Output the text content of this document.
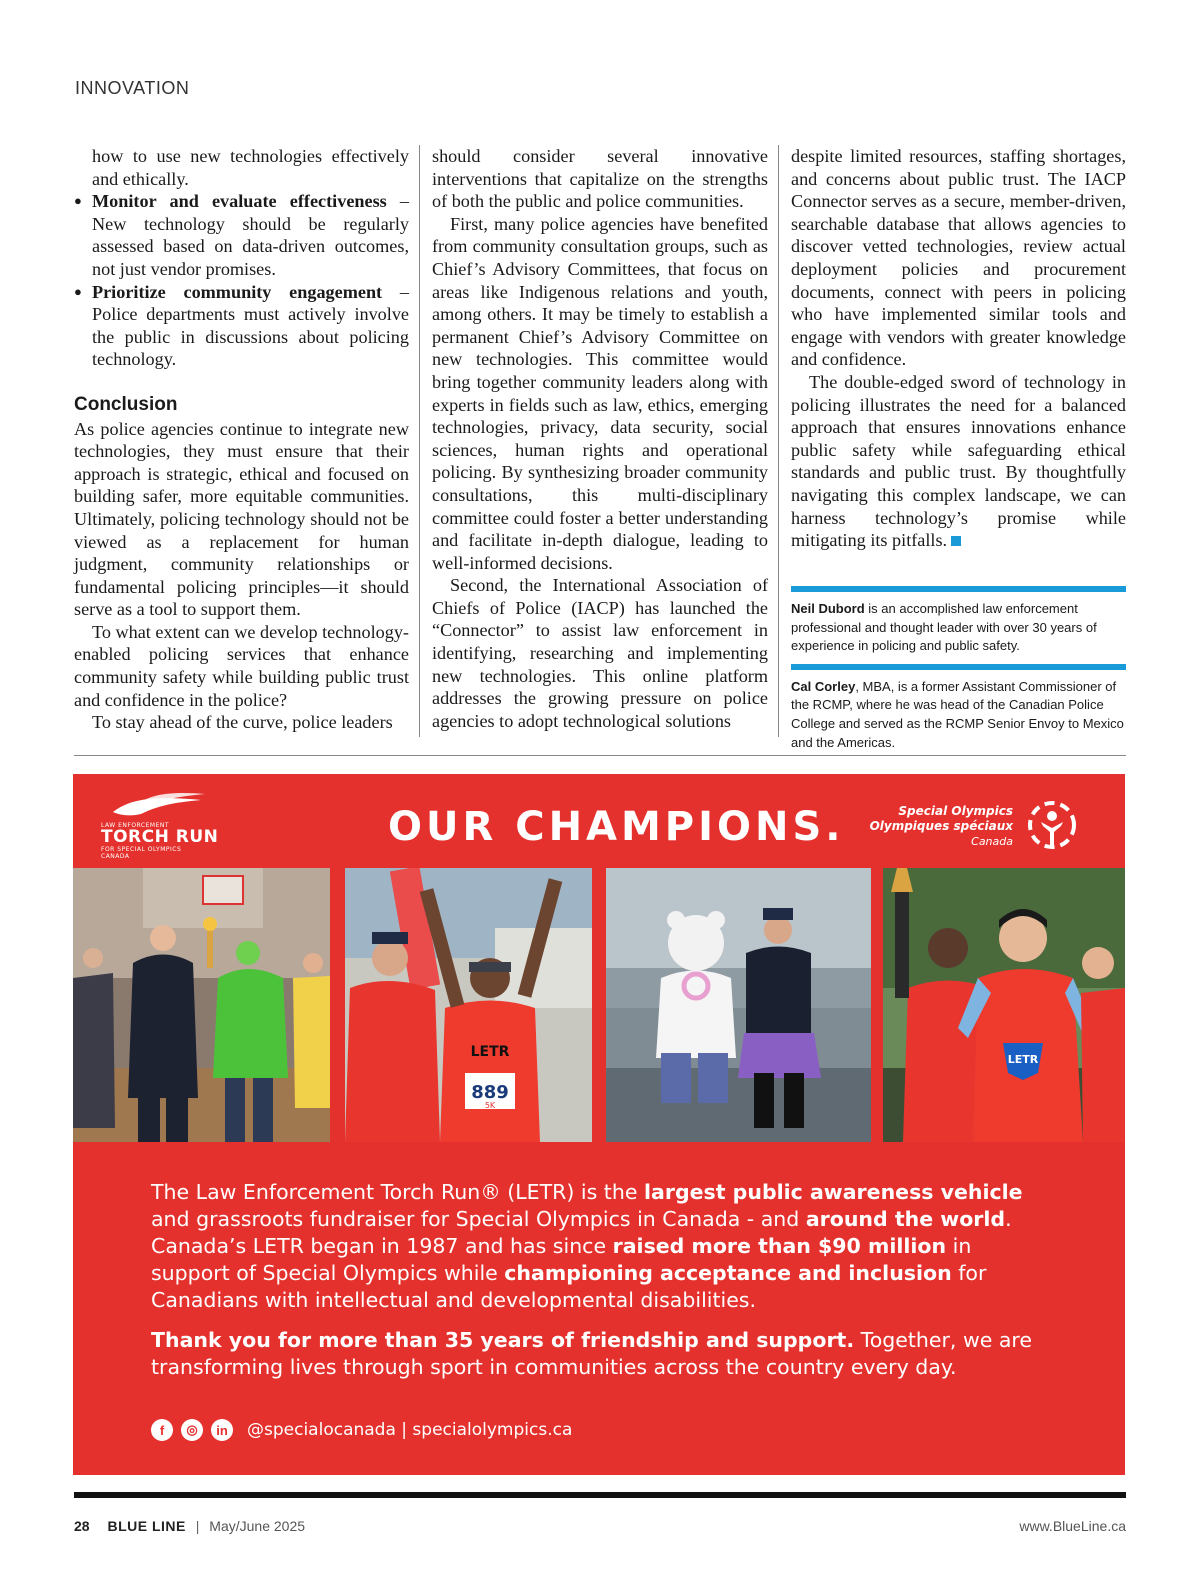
INNOVATION

how to use new technologies effectively and ethically.

● Monitor and evaluate effectiveness – New technology should be regularly assessed based on data-driven outcomes, not just vendor promises.
● Prioritize community engagement – Police departments must actively involve the public in discussions about policing technology.
Conclusion

As police agencies continue to integrate new technologies, they must ensure that their approach is strategic, ethical and focused on building safer, more equitable communities. Ultimately, policing technology should not be viewed as a replacement for human judgment, community relationships or fundamental policing principles—it should serve as a tool to support them.

To what extent can we develop technology-enabled policing services that enhance community safety while building public trust and confidence in the police?

To stay ahead of the curve, police leaders

should consider several innovative interventions that capitalize on the strengths of both the public and police communities.

First, many police agencies have benefited from community consultation groups, such as Chief’s Advisory Committees, that focus on areas like Indigenous relations and youth, among others. It may be timely to establish a permanent Chief’s Advisory Committee on new technologies. This committee would bring together community leaders along with experts in fields such as law, ethics, emerging technologies, privacy, data security, social sciences, human rights and operational policing. By synthesizing broader community consultations, this multi-disciplinary committee could foster a better understanding and facilitate in-depth dialogue, leading to well-informed decisions.

Second, the International Association of Chiefs of Police (IACP) has launched the “Connector” to assist law enforcement in identifying, researching and implementing new technologies. This online platform addresses the growing pressure on police agencies to adopt technological solutions

despite limited resources, staffing shortages, and concerns about public trust. The IACP Connector serves as a secure, member-driven, searchable database that allows agencies to discover vetted technologies, review actual deployment policies and procurement documents, connect with peers in policing who have implemented similar tools and engage with vendors with greater knowledge and confidence.

The double-edged sword of technology in policing illustrates the need for a balanced approach that ensures innovations enhance public safety while safeguarding ethical standards and public trust. By thoughtfully navigating this complex landscape, we can harness technology’s promise while mitigating its pitfalls.

Neil Dubord is an accomplished law enforcement professional and thought leader with over 30 years of experience in policing and public safety.
Cal Corley, MBA, is a former Assistant Commissioner of the RCMP, where he was head of the Canadian Police College and served as the RCMP Senior Envoy to Mexico and the Americas.
LAW ENFORCEMENT
TORCH RUN
FOR SPECIAL OLYMPICS
CANADA
OUR CHAMPIONS.	Special Olympics
Olympiques spéciaux
Canada
889
5K
LETR	LETR

The Law Enforcement Torch Run® (LETR) is the largest public awareness vehicle and grassroots fundraiser for Special Olympics in Canada - and around the world. Canada’s LETR began in 1987 and has since raised more than $90 million in support of Special Olympics while championing acceptance and inclusion for Canadians with intellectual and developmental disabilities.

Thank you for more than 35 years of friendship and support. Together, we are transforming lives through sport in communities across the country every day.

f	◎	in	@specialocanada | specialolympics.ca
28 BLUE LINE | May/June 2025	www.BlueLine.ca
